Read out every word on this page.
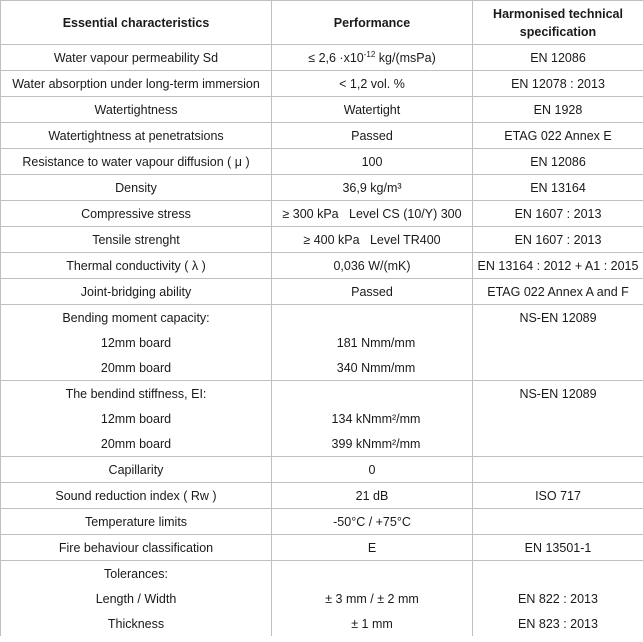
Essential characteristics	Performance	Harmonised technical specification
Water vapour permeability Sd	≤ $2,6 \cdot x10^{-12}$ kg/(msPa)	EN 12086
Water absorption under long-term immersion	< 1,2 vol. %	EN 12078 : 2013
Watertightness	Watertight	EN 1928
Watertightness at penetratsions	Passed	ETAG 022 Annex E
Resistance to water vapour diffusion ( μ )	100	EN 12086
Density	36,9 kg/m³	EN 13164
Compressive stress	≥ 300 kPa   Level CS (10/Y) 300	EN 1607 : 2013
Tensile strenght	≥ 400 kPa   Level TR400	EN 1607 : 2013
Thermal conductivity ( λ )	0,036 W/(mK)	EN 13164 : 2012 + A1 : 2015
Joint-bridging ability	Passed	ETAG 022 Annex A and F
Bending moment capacity:		NS-EN 12089
12mm board	181 Nmm/mm	
20mm board	340 Nmm/mm	
The bendind stiffness, EI:		NS-EN 12089
12mm board	134 kNmm²/mm	
20mm board	399 kNmm²/mm	
Capillarity	0	
Sound reduction index ( Rw )	21 dB	ISO 717
Temperature limits	-50°C / +75°C	
Fire behaviour classification	E	EN 13501-1
Tolerances:		
Length / Width	± 3 mm / ± 2 mm	EN 822 : 2013
Thickness	± 1 mm	EN 823 : 2013
